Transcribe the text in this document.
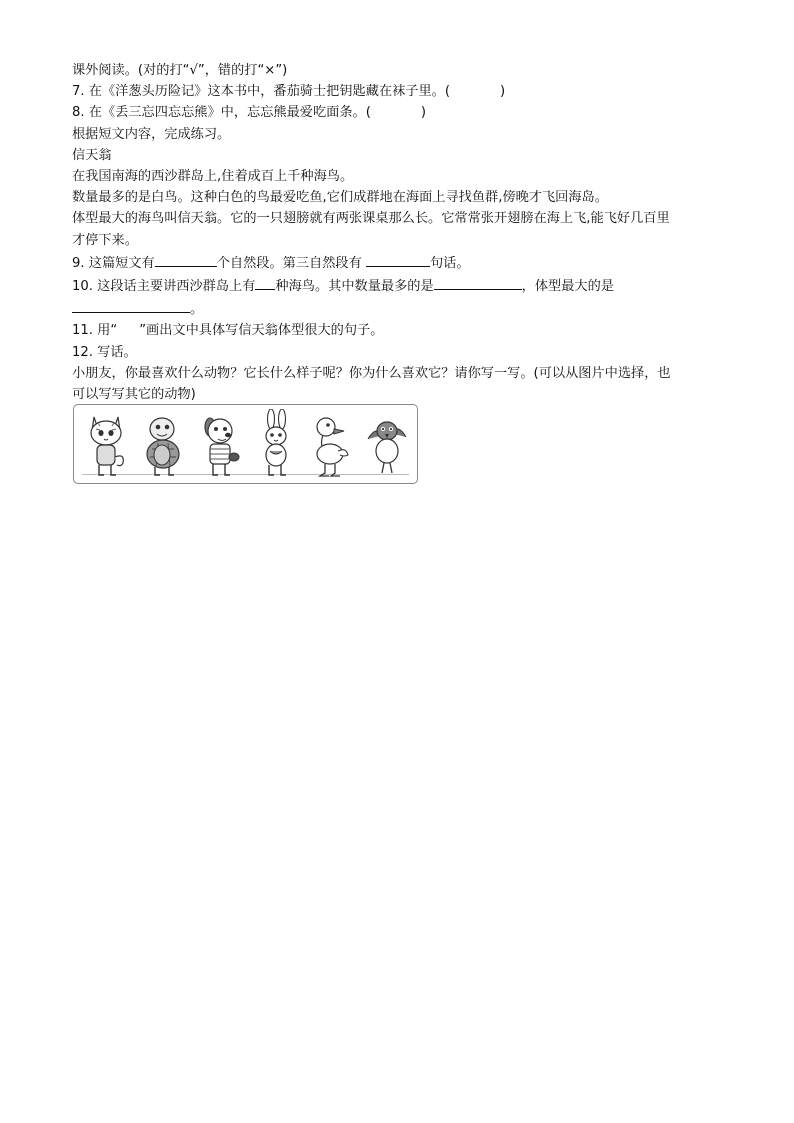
课外阅读。(对的打“√”，错的打“×”)
7. 在《洋葱头历险记》这本书中，番茄骑士把钥匙藏在袜子里。(	)
8. 在《丢三忘四忘忘熊》中，忘忘熊最爱吃面条。(	)
根据短文内容，完成练习。
信天翁
在我国南海的西沙群岛上,住着成百上千种海鸟。
数量最多的是白鸟。这种白色的鸟最爱吃鱼,它们成群地在海面上寻找鱼群,傍晚才飞回海岛。
体型最大的海鸟叫信天翁。它的一只翅膀就有两张课桌那么长。它常常张开翅膀在海上飞,能飞好几百里
才停下来。
9. 这篇短文有	个自然段。第三自然段有	句话。
10. 这段话主要讲西沙群岛上有 种海鸟。其中数量最多的是	，体型最大的是
。
11. 用“ ”画出文中具体写信天翁体型很大的句子。
12. 写话。
小朋友，你最喜欢什么动物？它长什么样子呢？你为什么喜欢它？请你写一写。(可以从图片中选择，也
可以写写其它的动物)
